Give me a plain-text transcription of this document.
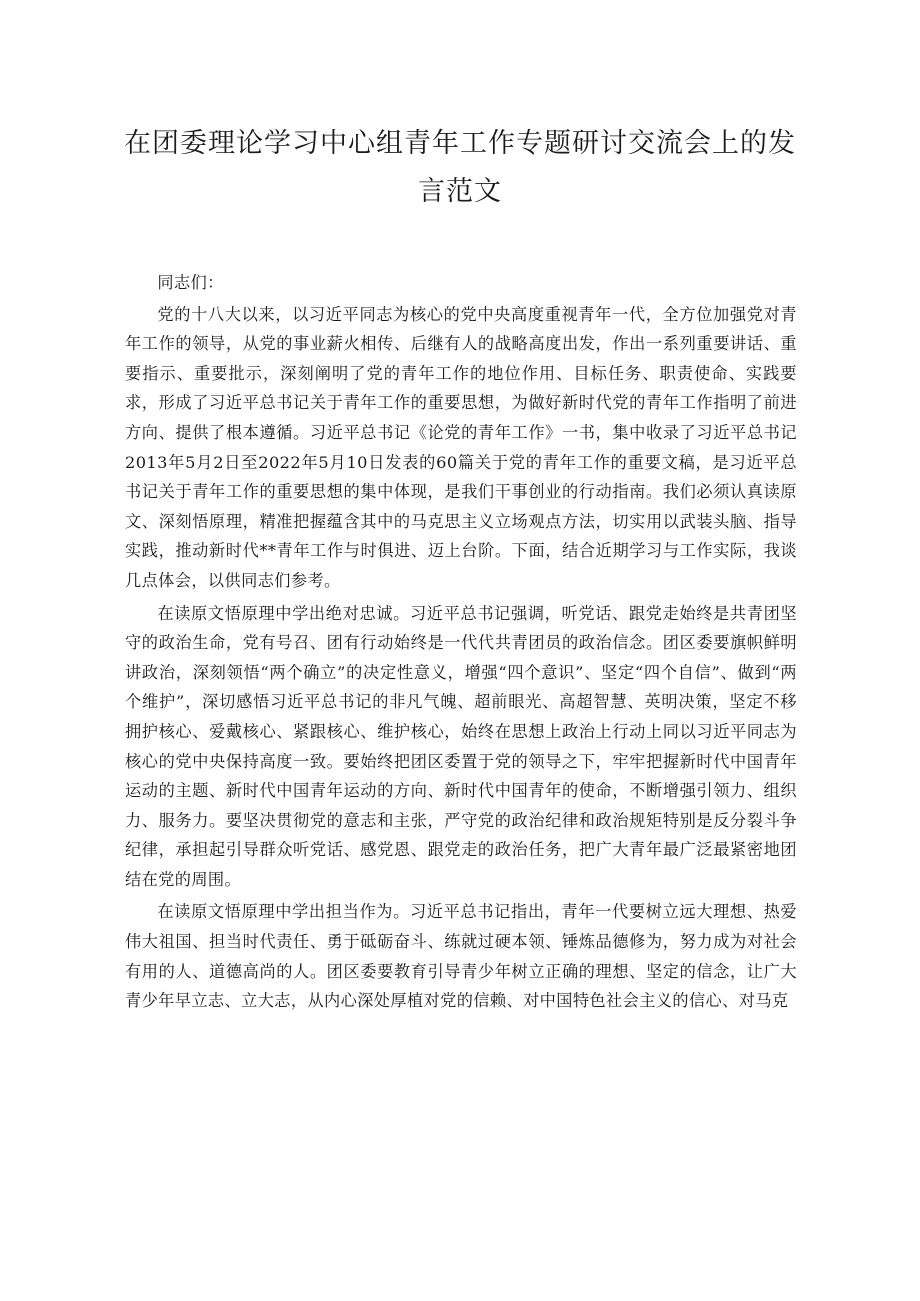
在团委理论学习中心组青年工作专题研讨交流会上的发言范文

同志们：

党的十八大以来，以习近平同志为核心的党中央高度重视青年一代，全方位加强党对青年工作的领导，从党的事业薪火相传、后继有人的战略高度出发，作出一系列重要讲话、重要指示、重要批示，深刻阐明了党的青年工作的地位作用、目标任务、职责使命、实践要求，形成了习近平总书记关于青年工作的重要思想，为做好新时代党的青年工作指明了前进方向、提供了根本遵循。习近平总书记《论党的青年工作》一书，集中收录了习近平总书记2013年5月2日至2022年5月10日发表的60篇关于党的青年工作的重要文稿，是习近平总书记关于青年工作的重要思想的集中体现，是我们干事创业的行动指南。我们必须认真读原文、深刻悟原理，精准把握蕴含其中的马克思主义立场观点方法，切实用以武装头脑、指导实践，推动新时代**青年工作与时俱进、迈上台阶。下面，结合近期学习与工作实际，我谈几点体会，以供同志们参考。

在读原文悟原理中学出绝对忠诚。习近平总书记强调，听党话、跟党走始终是共青团坚守的政治生命，党有号召、团有行动始终是一代代共青团员的政治信念。团区委要旗帜鲜明讲政治，深刻领悟“两个确立”的决定性意义，增强“四个意识”、坚定“四个自信”、做到“两个维护”，深切感悟习近平总书记的非凡气魄、超前眼光、高超智慧、英明决策，坚定不移拥护核心、爱戴核心、紧跟核心、维护核心，始终在思想上政治上行动上同以习近平同志为核心的党中央保持高度一致。要始终把团区委置于党的领导之下，牢牢把握新时代中国青年运动的主题、新时代中国青年运动的方向、新时代中国青年的使命，不断增强引领力、组织力、服务力。要坚决贯彻党的意志和主张，严守党的政治纪律和政治规矩特别是反分裂斗争纪律，承担起引导群众听党话、感党恩、跟党走的政治任务，把广大青年最广泛最紧密地团结在党的周围。

在读原文悟原理中学出担当作为。习近平总书记指出，青年一代要树立远大理想、热爱伟大祖国、担当时代责任、勇于砥砺奋斗、练就过硬本领、锤炼品德修为，努力成为对社会有用的人、道德高尚的人。团区委要教育引导青少年树立正确的理想、坚定的信念，让广大青少年早立志、立大志，从内心深处厚植对党的信赖、对中国特色社会主义的信心、对马克
